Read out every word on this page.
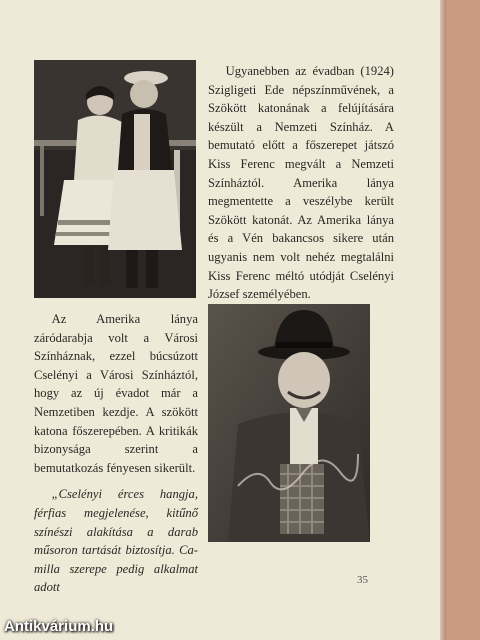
Ugyanebben az évadban (1924) Szigligeti Ede népszínművének, a Szökött katonának a felújítására készült a Nemzeti Színház. A bemutató előtt a főszerepet játszó Kiss Ferenc megvált a Nemzeti Színháztól. Amerika lánya megmentette a veszélybe került Szökött katonát. Az Amerika lánya és a Vén bakancsos sikere után ugyanis nem volt nehéz megtalálni Kiss Ferenc méltó utódját Cselényi József személyében.

Az Amerika lánya záródarabja volt a Városi Színháznak, ezzel búcsúzott Cselényi a Városi Színháztól, hogy az új évadot már a Nemzetiben kezdje. A szökött katona főszerepében. A kritikák bizonysága szerint a bemutatkozás fényesen sikerült.

„Cselényi érces hangja, férfias megjelenése, kitűnő színészi alakítása a darab műsoron tartását biztosítja. Ca-milla szerepe pedig alkalmat adott

35
Antikvárium.hu
